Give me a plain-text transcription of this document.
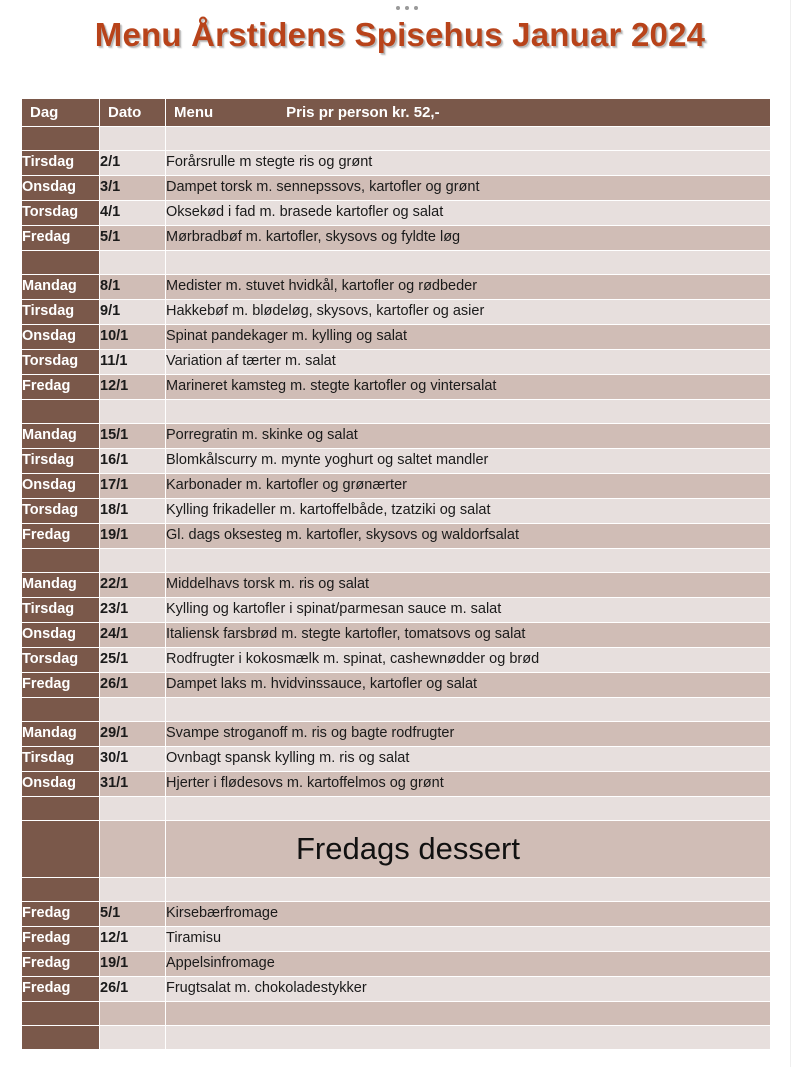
Menu Årstidens Spisehus Januar 2024
Dag	Dato	Menu Pris pr person kr. 52,-

Tirsdag	2/1	Forårsrulle m stegte ris og grønt
Onsdag	3/1	Dampet torsk m. sennepssovs, kartofler og grønt
Torsdag	4/1	Oksekød i fad m. brasede kartofler og salat
Fredag	5/1	Mørbradbøf m. kartofler, skysovs og fyldte løg

Mandag	8/1	Medister m. stuvet hvidkål, kartofler og rødbeder
Tirsdag	9/1	Hakkebøf m. blødeløg, skysovs, kartofler og asier
Onsdag	10/1	Spinat pandekager m. kylling og salat
Torsdag	11/1	Variation af tærter m. salat
Fredag	12/1	Marineret kamsteg m. stegte kartofler og vintersalat

Mandag	15/1	Porregratin m. skinke og salat
Tirsdag	16/1	Blomkålscurry m. mynte yoghurt og saltet mandler
Onsdag	17/1	Karbonader m. kartofler og grønærter
Torsdag	18/1	Kylling frikadeller m. kartoffelbåde, tzatziki og salat
Fredag	19/1	Gl. dags oksesteg m. kartofler, skysovs og waldorfsalat

Mandag	22/1	Middelhavs torsk m. ris og salat
Tirsdag	23/1	Kylling og kartofler i spinat/parmesan sauce m. salat
Onsdag	24/1	Italiensk farsbrød m. stegte kartofler, tomatsovs og salat
Torsdag	25/1	Rodfrugter i kokosmælk m. spinat, cashewnødder og brød
Fredag	26/1	Dampet laks m. hvidvinssauce, kartofler og salat

Mandag	29/1	Svampe stroganoff m. ris og bagte rodfrugter
Tirsdag	30/1	Ovnbagt spansk kylling m. ris og salat
Onsdag	31/1	Hjerter i flødesovs m. kartoffelmos og grønt

		Fredags dessert

Fredag	5/1	Kirsebærfromage
Fredag	12/1	Tiramisu
Fredag	19/1	Appelsinfromage
Fredag	26/1	Frugtsalat m. chokoladestykker
